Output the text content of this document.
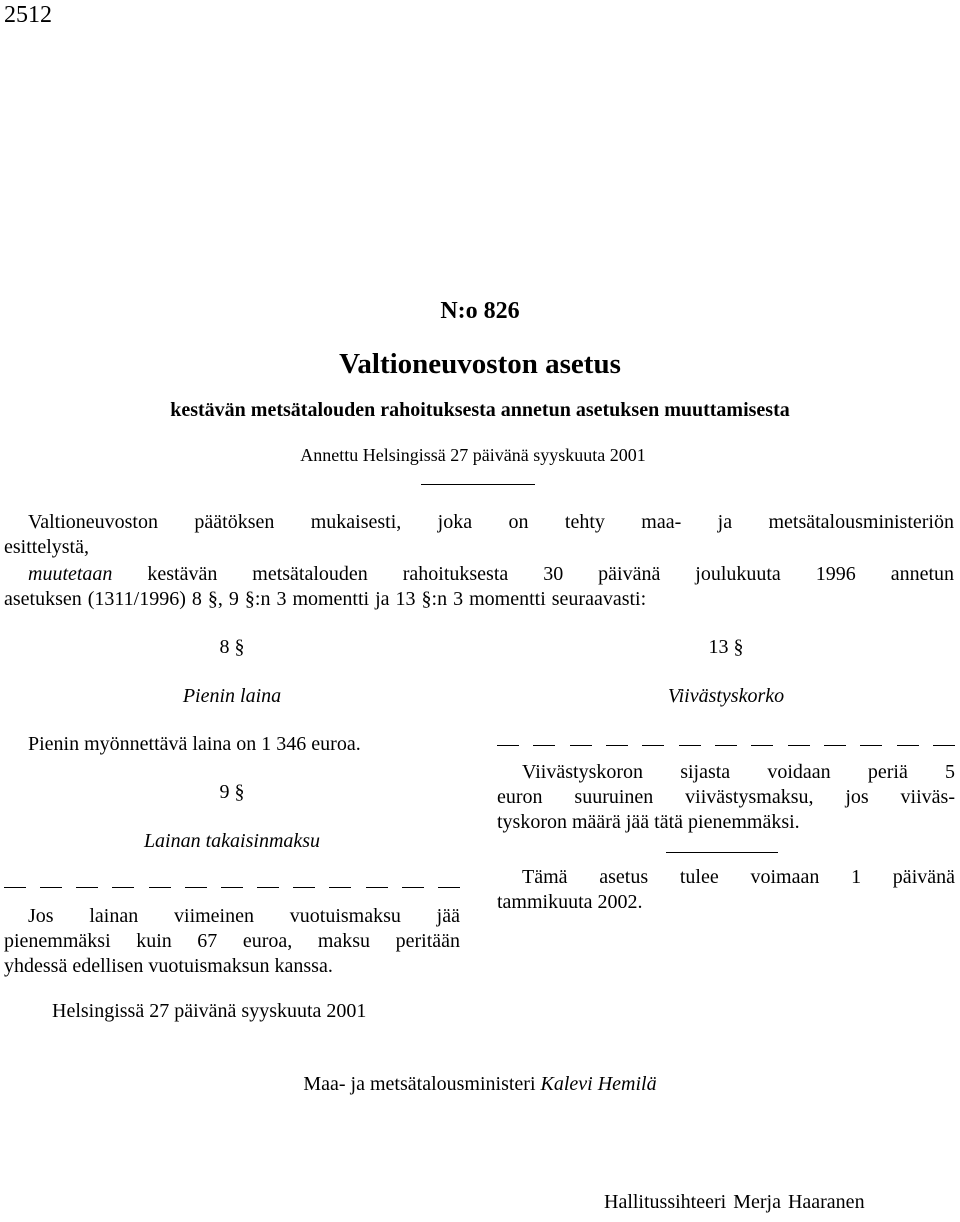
2512
N:o 826
Valtioneuvoston asetus
kestävän metsätalouden rahoituksesta annetun asetuksen muuttamisesta
Annettu Helsingissä 27 päivänä syyskuuta 2001
Valtioneuvoston päätöksen mukaisesti, joka on tehty maa- ja metsätalousministeriön
esittelystä,
muutetaan kestävän metsätalouden rahoituksesta 30 päivänä joulukuuta 1996 annetun
asetuksen (1311/1996) 8 §, 9 §:n 3 momentti ja 13 §:n 3 momentti seuraavasti:
8 §
Pienin laina
Pienin myönnettävä laina on 1 346 euroa.
9 §
Lainan takaisinmaksu
Jos lainan viimeinen vuotuismaksu jää
pienemmäksi kuin 67 euroa, maksu peritään
yhdessä edellisen vuotuismaksun kanssa.
13 §
Viivästyskorko
Viivästyskoron sijasta voidaan periä 5
euron suuruinen viivästysmaksu, jos viiväs-
tyskoron määrä jää tätä pienemmäksi.
Tämä asetus tulee voimaan 1 päivänä
tammikuuta 2002.
Helsingissä 27 päivänä syyskuuta 2001
Maa- ja metsätalousministeri Kalevi Hemilä
Hallitussihteeri Merja Haaranen
